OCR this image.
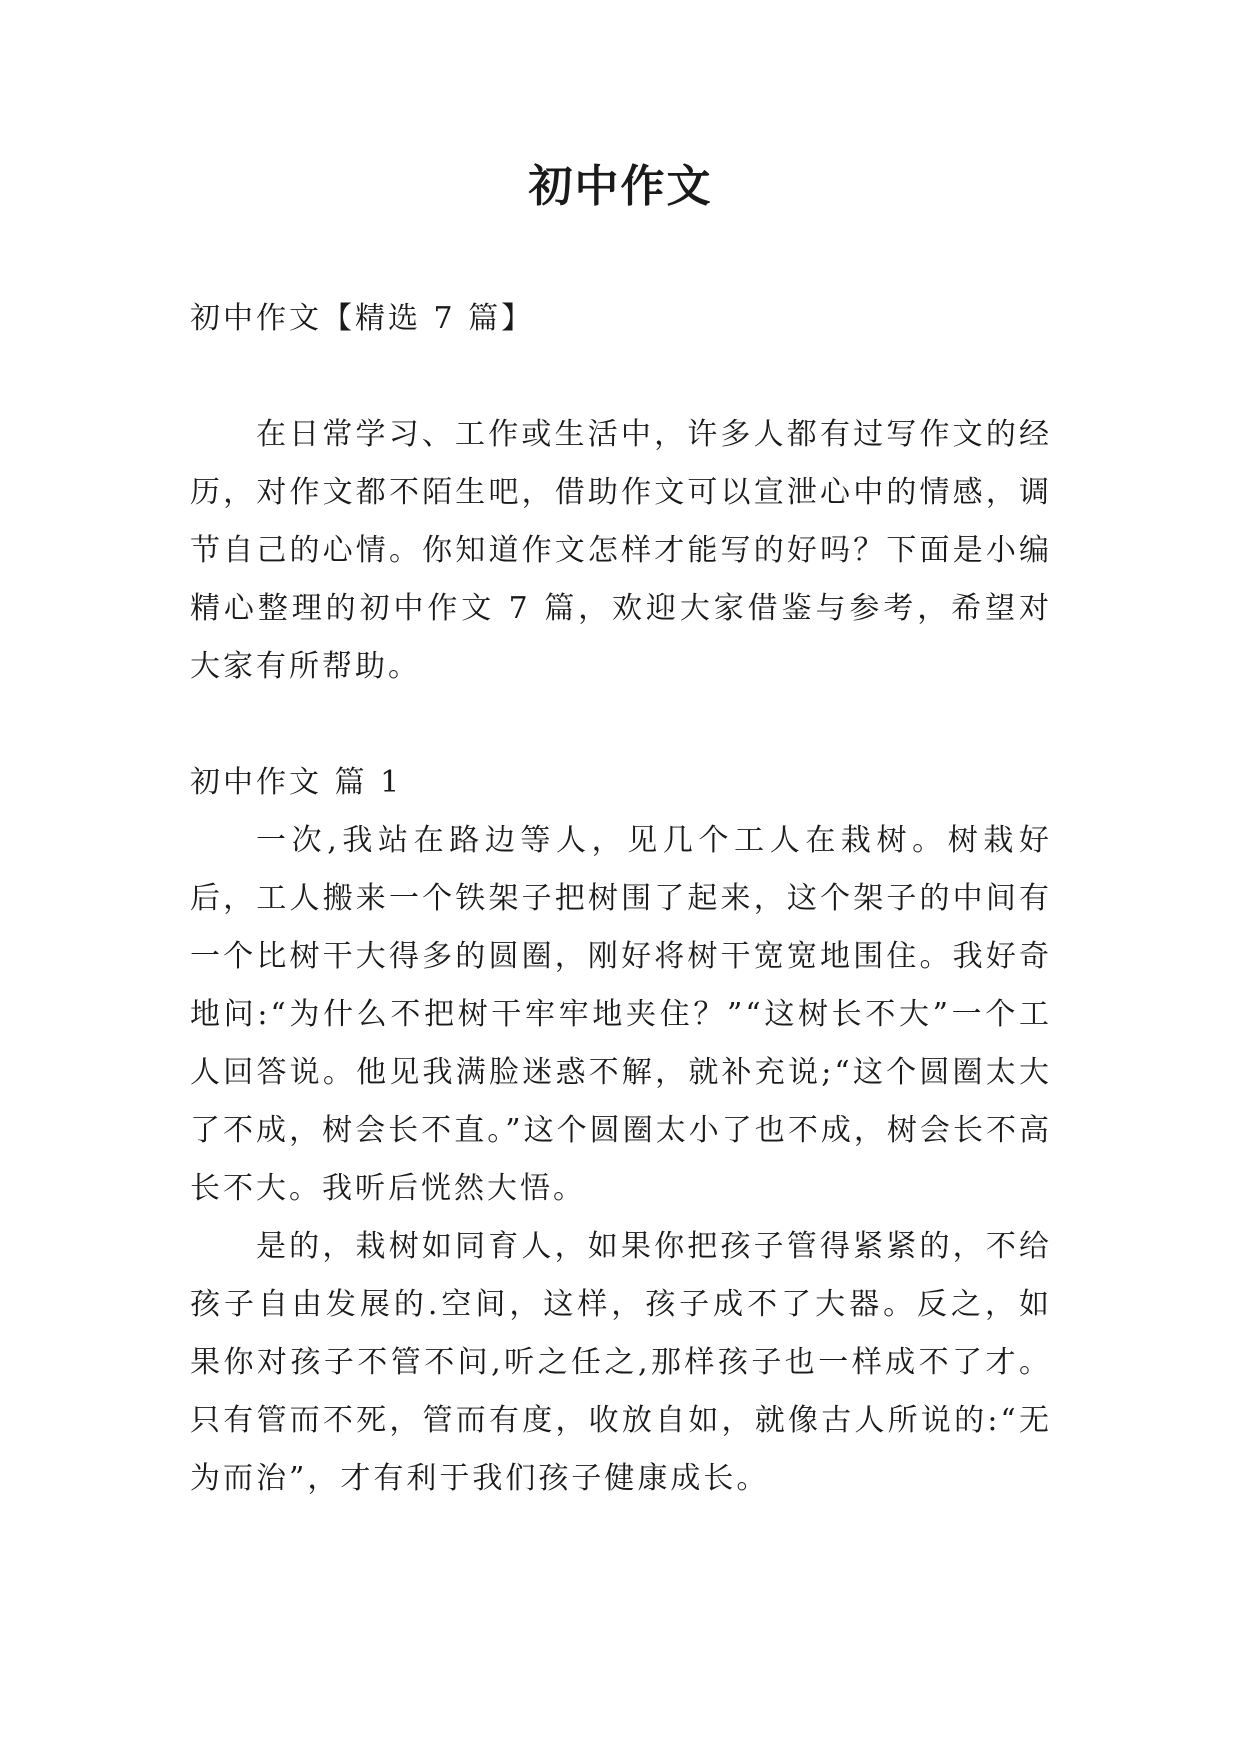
初中作文

初中作文【精选 7 篇】

在日常学习、工作或生活中，许多人都有过写作文的经历，对作文都不陌生吧，借助作文可以宣泄心中的情感，调节自己的心情。你知道作文怎样才能写的好吗？下面是小编精心整理的初中作文 7 篇，欢迎大家借鉴与参考，希望对大家有所帮助。

初中作文 篇 1

一次,我站在路边等人，见几个工人在栽树。树栽好后，工人搬来一个铁架子把树围了起来，这个架子的中间有一个比树干大得多的圆圈，刚好将树干宽宽地围住。我好奇地问:“为什么不把树干牢牢地夹住？”“这树长不大”一个工人回答说。他见我满脸迷惑不解，就补充说;“这个圆圈太大了不成，树会长不直。”这个圆圈太小了也不成，树会长不高长不大。我听后恍然大悟。

是的，栽树如同育人，如果你把孩子管得紧紧的，不给孩子自由发展的.空间，这样，孩子成不了大器。反之，如果你对孩子不管不问,听之任之,那样孩子也一样成不了才。只有管而不死，管而有度，收放自如，就像古人所说的:“无为而治”，才有利于我们孩子健康成长。
